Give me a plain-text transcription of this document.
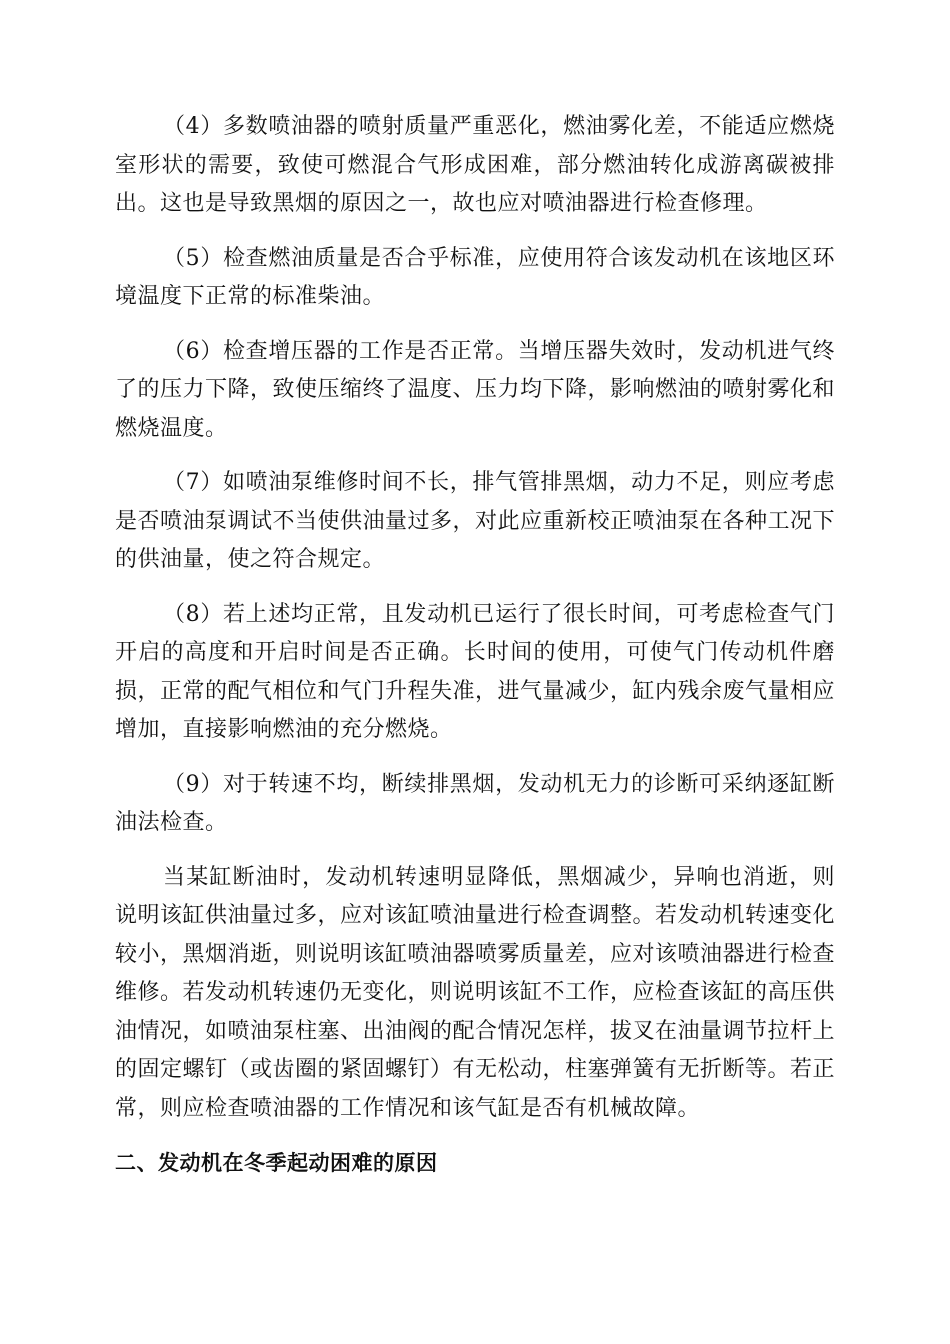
（4）多数喷油器的喷射质量严重恶化，燃油雾化差，不能适应燃烧室形状的需要，致使可燃混合气形成困难，部分燃油转化成游离碳被排出。这也是导致黑烟的原因之一，故也应对喷油器进行检查修理。

（5）检查燃油质量是否合乎标准，应使用符合该发动机在该地区环境温度下正常的标准柴油。

（6）检查增压器的工作是否正常。当增压器失效时，发动机进气终了的压力下降，致使压缩终了温度、压力均下降，影响燃油的喷射雾化和燃烧温度。

（7）如喷油泵维修时间不长，排气管排黑烟，动力不足，则应考虑是否喷油泵调试不当使供油量过多，对此应重新校正喷油泵在各种工况下的供油量，使之符合规定。

（8）若上述均正常，且发动机已运行了很长时间，可考虑检查气门开启的高度和开启时间是否正确。长时间的使用，可使气门传动机件磨损，正常的配气相位和气门升程失准，进气量减少，缸内残余废气量相应增加，直接影响燃油的充分燃烧。

（9）对于转速不均，断续排黑烟，发动机无力的诊断可采纳逐缸断油法检查。

当某缸断油时，发动机转速明显降低，黑烟减少，异响也消逝，则说明该缸供油量过多，应对该缸喷油量进行检查调整。若发动机转速变化较小，黑烟消逝，则说明该缸喷油器喷雾质量差，应对该喷油器进行检查维修。若发动机转速仍无变化，则说明该缸不工作，应检查该缸的高压供油情况，如喷油泵柱塞、出油阀的配合情况怎样，拔叉在油量调节拉杆上的固定螺钉（或齿圈的紧固螺钉）有无松动，柱塞弹簧有无折断等。若正常，则应检查喷油器的工作情况和该气缸是否有机械故障。

二、发动机在冬季起动困难的原因
